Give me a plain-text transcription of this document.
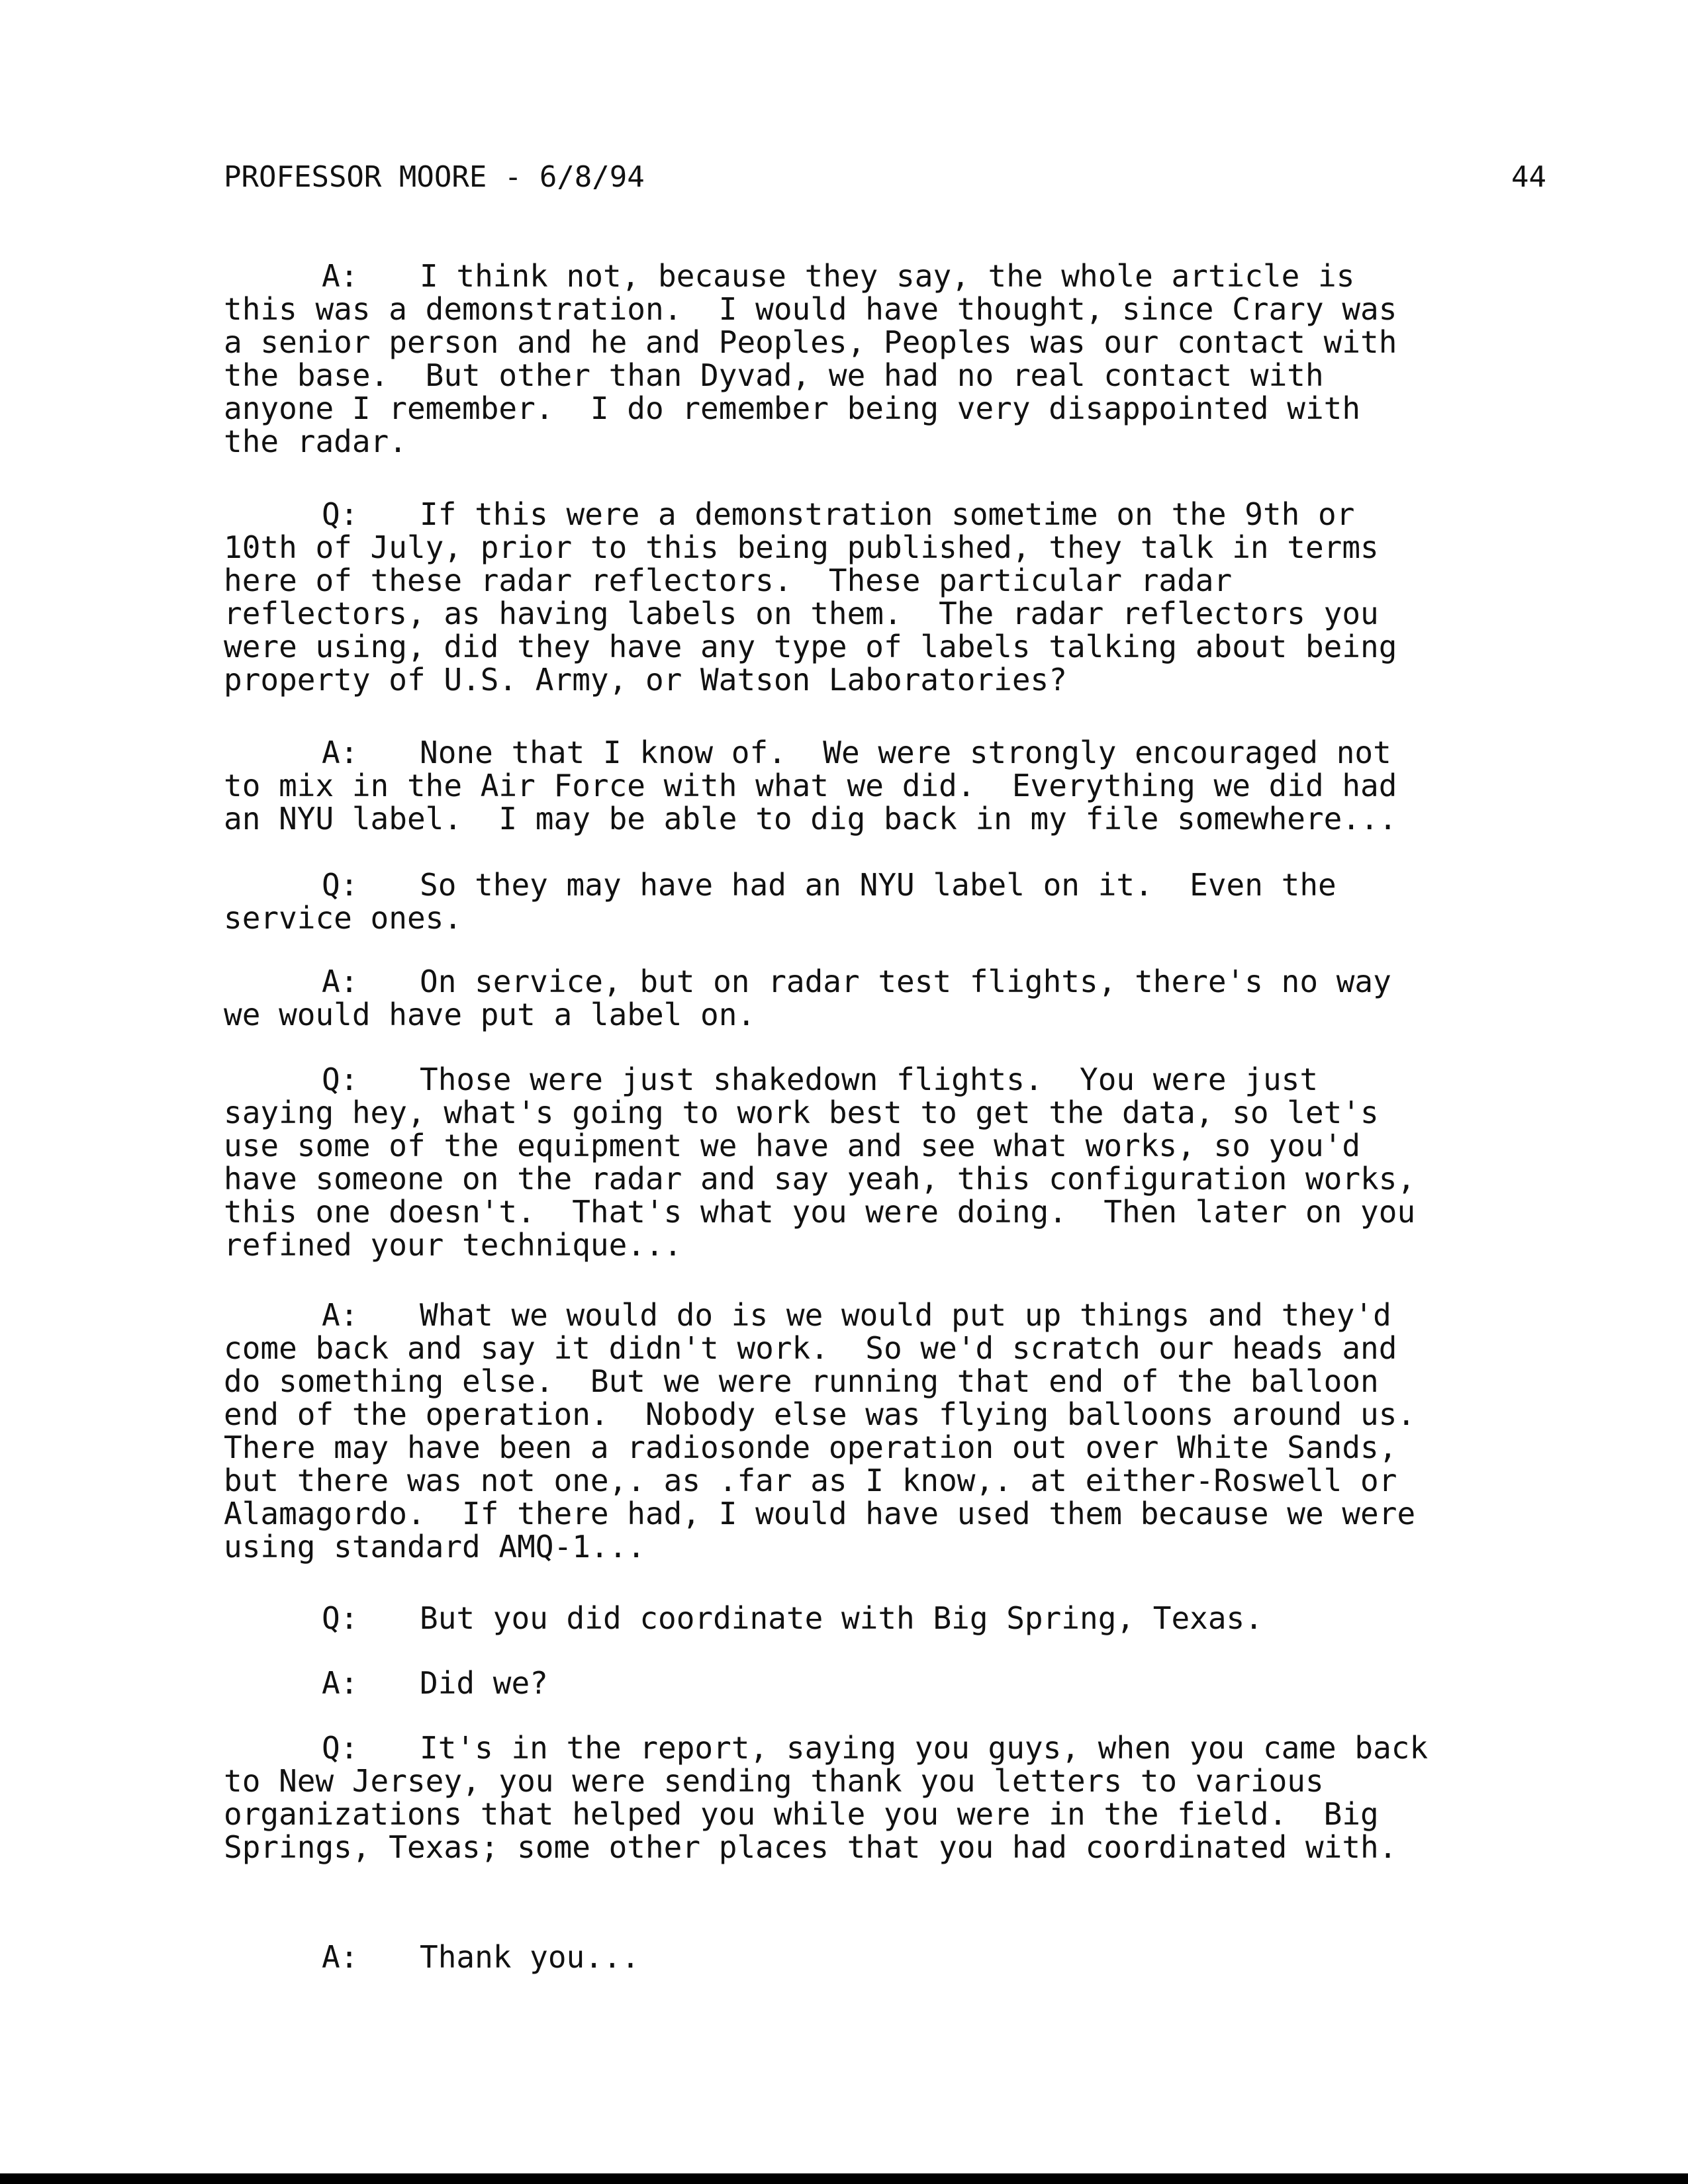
PROFESSOR MOORE - 6/8/94	44
A: I think not, because they say, the whole article is
this was a demonstration.  I would have thought, since Crary was
a senior person and he and Peoples, Peoples was our contact with
the base.  But other than Dyvad, we had no real contact with
anyone I remember.  I do remember being very disappointed with
the radar.
Q: If this were a demonstration sometime on the 9th or
10th of July, prior to this being published, they talk in terms
here of these radar reflectors.  These particular radar
reflectors, as having labels on them.  The radar reflectors you
were using, did they have any type of labels talking about being
property of U.S. Army, or Watson Laboratories?
A: None that I know of.  We were strongly encouraged not
to mix in the Air Force with what we did.  Everything we did had
an NYU label.  I may be able to dig back in my file somewhere...
Q: So they may have had an NYU label on it.  Even the
service ones.
A: On service, but on radar test flights, there's no way
we would have put a label on.
Q: Those were just shakedown flights.  You were just
saying hey, what's going to work best to get the data, so let's
use some of the equipment we have and see what works, so you'd
have someone on the radar and say yeah, this configuration works,
this one doesn't.  That's what you were doing.  Then later on you
refined your technique...
A: What we would do is we would put up things and they'd
come back and say it didn't work.  So we'd scratch our heads and
do something else.  But we were running that end of the balloon
end of the operation.  Nobody else was flying balloons around us.
There may have been a radiosonde operation out over White Sands,
but there was not one,. as .far as I know,. at either-Roswell or
Alamagordo.  If there had, I would have used them because we were
using standard AMQ-1...
Q: But you did coordinate with Big Spring, Texas.
A: Did we?
Q: It's in the report, saying you guys, when you came back
to New Jersey, you were sending thank you letters to various
organizations that helped you while you were in the field.  Big
Springs, Texas; some other places that you had coordinated with.
A: Thank you...
